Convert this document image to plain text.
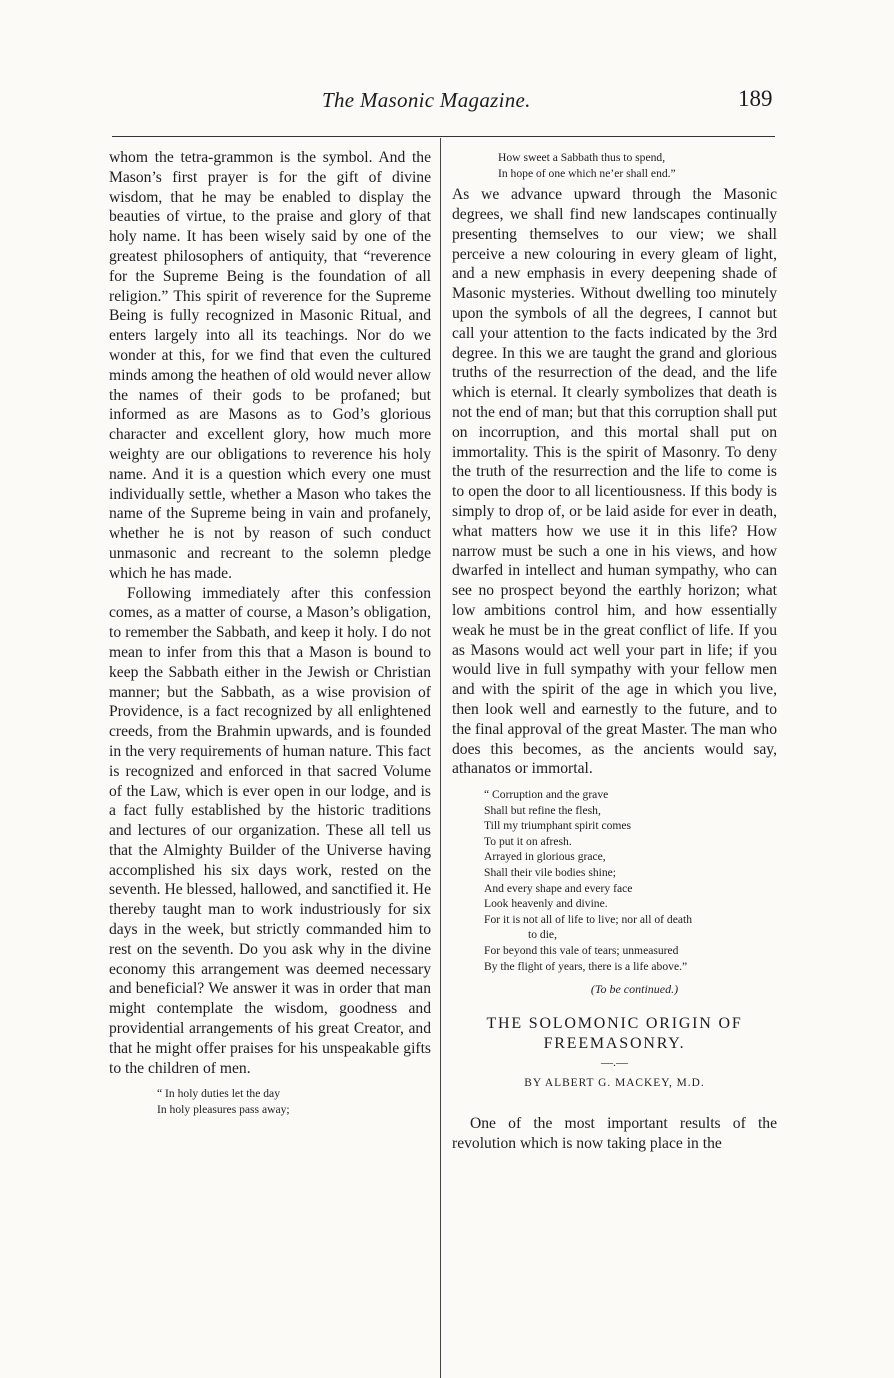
The Masonic Magazine.	189

whom the tetra-grammon is the symbol. And the Mason’s first prayer is for the gift of divine wisdom, that he may be enabled to display the beauties of virtue, to the praise and glory of that holy name. It has been wisely said by one of the greatest philosophers of antiquity, that “reverence for the Supreme Being is the foundation of all religion.” This spirit of reverence for the Supreme Being is fully recognized in Masonic Ritual, and enters largely into all its teachings. Nor do we wonder at this, for we find that even the cultured minds among the heathen of old would never allow the names of their gods to be profaned; but informed as are Masons as to God’s glorious character and excellent glory, how much more weighty are our obligations to reverence his holy name. And it is a question which every one must individually settle, whether a Mason who takes the name of the Supreme being in vain and profanely, whether he is not by reason of such conduct unmasonic and recreant to the solemn pledge which he has made.

Following immediately after this confession comes, as a matter of course, a Mason’s obligation, to remember the Sabbath, and keep it holy. I do not mean to infer from this that a Mason is bound to keep the Sabbath either in the Jewish or Christian manner; but the Sabbath, as a wise provision of Providence, is a fact recognized by all enlightened creeds, from the Brahmin upwards, and is founded in the very requirements of human nature. This fact is recognized and enforced in that sacred Volume of the Law, which is ever open in our lodge, and is a fact fully established by the historic traditions and lectures of our organization. These all tell us that the Almighty Builder of the Universe having accomplished his six days work, rested on the seventh. He blessed, hallowed, and sanctified it. He thereby taught man to work industriously for six days in the week, but strictly commanded him to rest on the seventh. Do you ask why in the divine economy this arrangement was deemed necessary and beneficial? We answer it was in order that man might contemplate the wisdom, goodness and providential arrangements of his great Creator, and that he might offer praises for his unspeakable gifts to the children of men.

“ In holy duties let the day
In holy pleasures pass away;
How sweet a Sabbath thus to spend,
In hope of one which ne’er shall end.”

As we advance upward through the Masonic degrees, we shall find new landscapes continually presenting themselves to our view; we shall perceive a new colouring in every gleam of light, and a new emphasis in every deepening shade of Masonic mysteries. Without dwelling too minutely upon the symbols of all the degrees, I cannot but call your attention to the facts indicated by the 3rd degree. In this we are taught the grand and glorious truths of the resurrection of the dead, and the life which is eternal. It clearly symbolizes that death is not the end of man; but that this corruption shall put on incorruption, and this mortal shall put on immortality. This is the spirit of Masonry. To deny the truth of the resurrection and the life to come is to open the door to all licentiousness. If this body is simply to drop of, or be laid aside for ever in death, what matters how we use it in this life? How narrow must be such a one in his views, and how dwarfed in intellect and human sympathy, who can see no prospect beyond the earthly horizon; what low ambitions control him, and how essentially weak he must be in the great conflict of life. If you as Masons would act well your part in life; if you would live in full sympathy with your fellow men and with the spirit of the age in which you live, then look well and earnestly to the future, and to the final approval of the great Master. The man who does this becomes, as the ancients would say, athanatos or immortal.

“ Corruption and the grave
Shall but refine the flesh,
Till my triumphant spirit comes
To put it on afresh.
Arrayed in glorious grace,
Shall their vile bodies shine;
And every shape and every face
Look heavenly and divine.
For it is not all of life to live; nor all of death
to die,
For beyond this vale of tears; unmeasured
By the flight of years, there is a life above.”
(To be continued.)
THE SOLOMONIC ORIGIN OF
FREEMASONRY.
—.—
BY ALBERT G. MACKEY, M.D.

One of the most important results of the revolution which is now taking place in the
